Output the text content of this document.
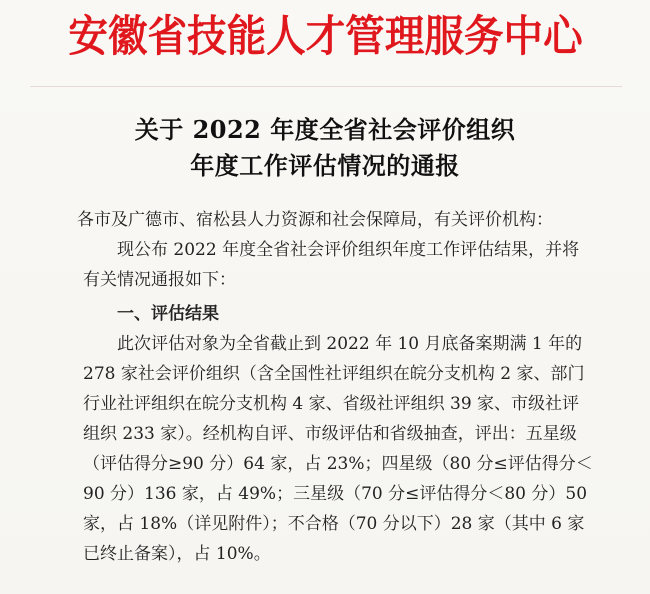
安徽省技能人才管理服务中心
关于 2022 年度全省社会评价组织
年度工作评估情况的通报

各市及广德市、宿松县人力资源和社会保障局，有关评价机构：

现公布 2022 年度全省社会评价组织年度工作评估结果，并将有关情况通报如下：

一、评估结果

此次评估对象为全省截止到 2022 年 10 月底备案期满 1 年的 278 家社会评价组织（含全国性社评组织在皖分支机构 2 家、部门行业社评组织在皖分支机构 4 家、省级社评组织 39 家、市级社评组织 233 家）。经机构自评、市级评估和省级抽查，评出：五星级（评估得分≥90 分）64 家，占 23%；四星级（80 分≤评估得分＜90 分）136 家，占 49%；三星级（70 分≤评估得分＜80 分）50 家，占 18%（详见附件）；不合格（70 分以下）28 家（其中 6 家已终止备案），占 10%。
